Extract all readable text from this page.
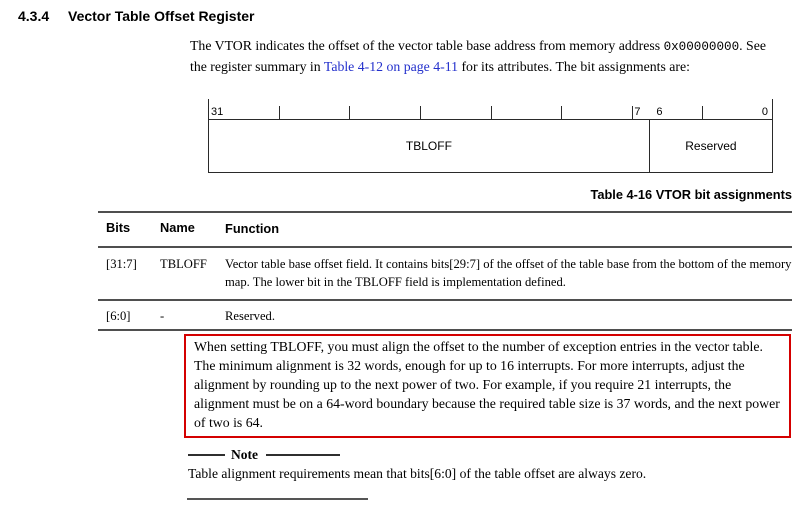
4.3.4 Vector Table Offset Register
The VTOR indicates the offset of the vector table base address from memory address 0x00000000. See the register summary in Table 4-12 on page 4-11 for its attributes. The bit assignments are:
31	7 6	0
TBLOFF	Reserved
Table 4-16 VTOR bit assignments
Bits Name Function
[31:7] TBLOFF Vector table base offset field. It contains bits[29:7] of the offset of the table base from the bottom of the memory map. The lower bit in the TBLOFF field is implementation defined.
[6:0] -	Reserved.
When setting TBLOFF, you must align the offset to the number of exception entries in the vector table. The minimum alignment is 32 words, enough for up to 16 interrupts. For more interrupts, adjust the alignment by rounding up to the next power of two. For example, if you require 21 interrupts, the alignment must be on a 64-word boundary because the required table size is 37 words, and the next power of two is 64.
Note
Table alignment requirements mean that bits[6:0] of the table offset are always zero.
